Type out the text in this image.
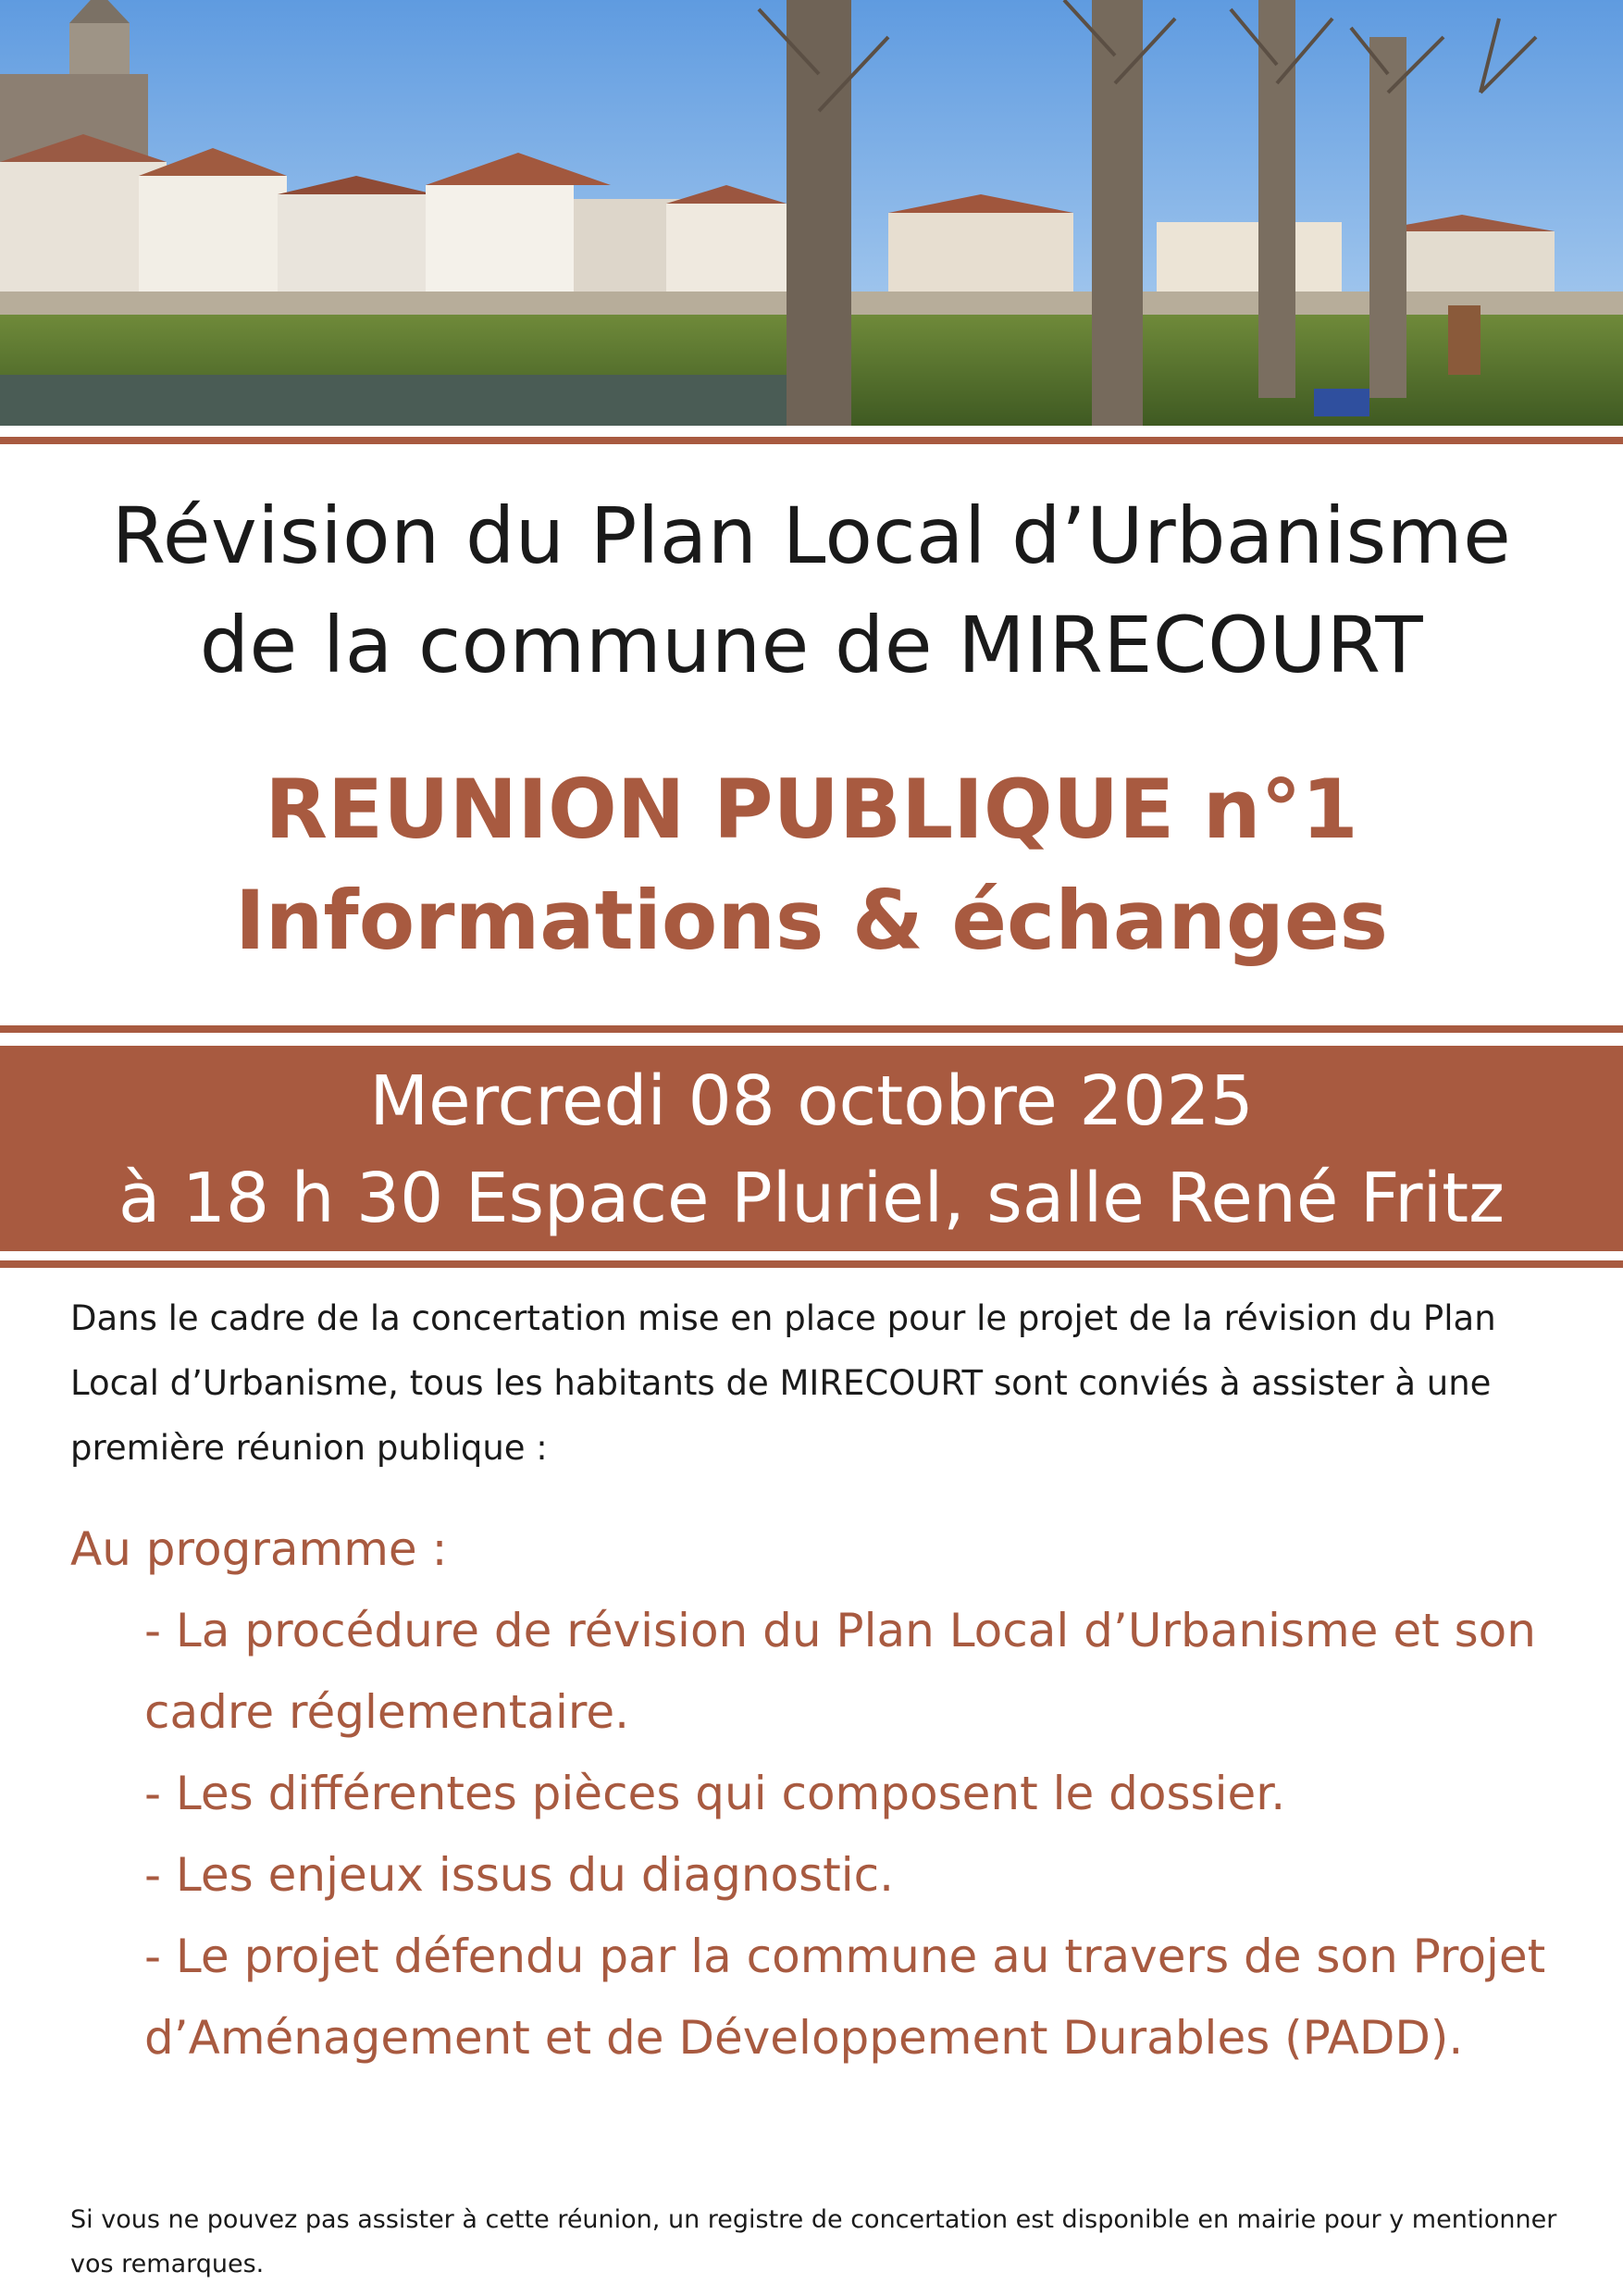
Révision du Plan Local d’Urbanisme
de la commune de MIRECOURT
REUNION PUBLIQUE n°1
Informations & échanges
Mercredi 08 octobre 2025
à 18 h 30 Espace Pluriel, salle René Fritz
Dans le cadre de la concertation mise en place pour le projet de la révision du Plan Local d’Urbanisme, tous les habitants de MIRECOURT sont conviés à assister à une première réunion publique :
Au programme :
- La procédure de révision du Plan Local d’Urbanisme et son cadre réglementaire.
- Les différentes pièces qui composent le dossier.
- Les enjeux issus du diagnostic.
- Le projet défendu par la commune au travers de son Projet d’Aménagement et de Développement Durables (PADD).
Si vous ne pouvez pas assister à cette réunion, un registre de concertation est disponible en mairie pour y mentionner vos remarques.
